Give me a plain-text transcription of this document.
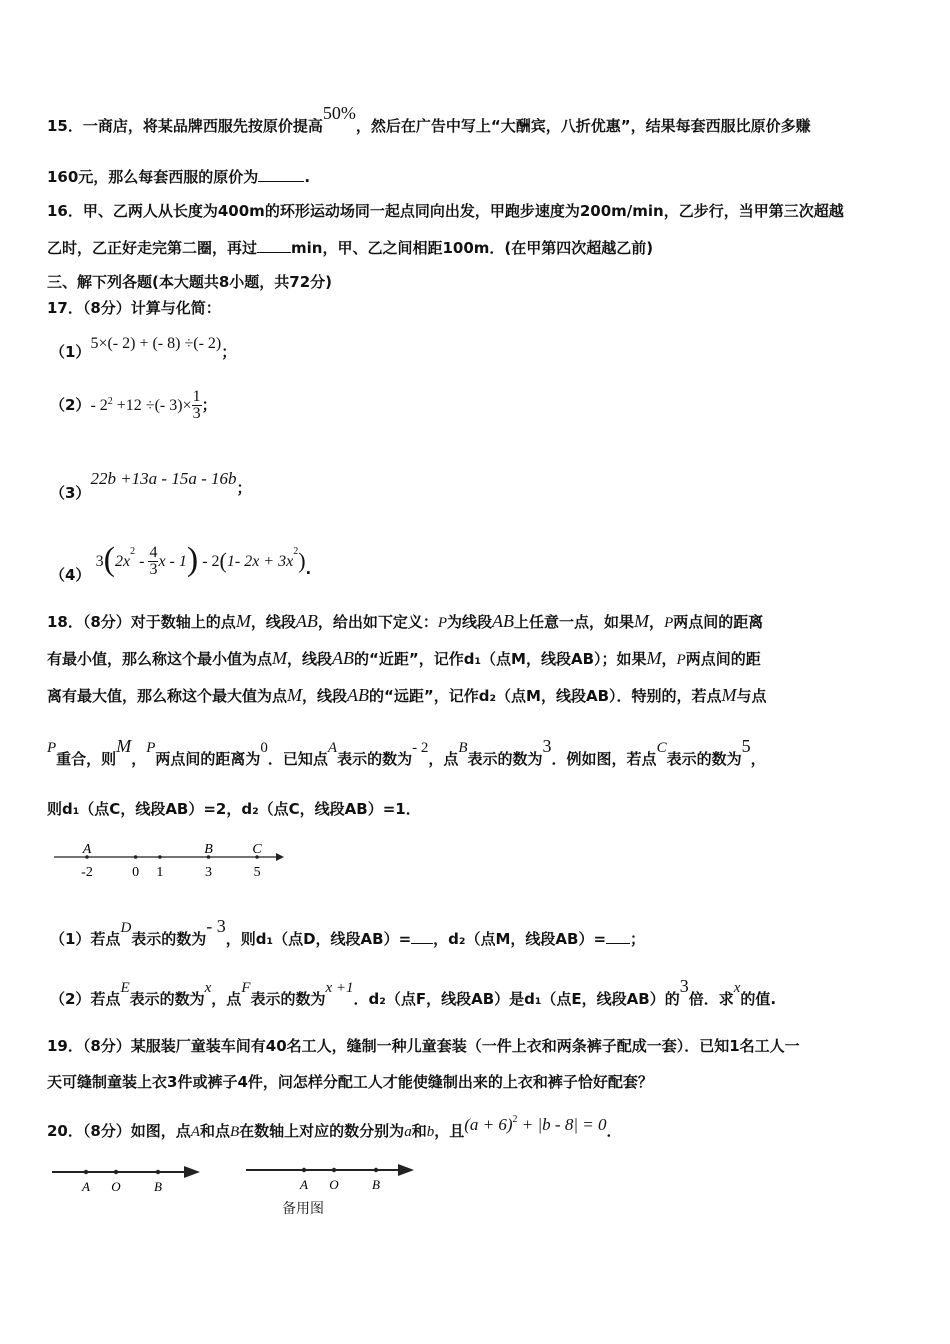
15．一商店，将某品牌西服先按原价提高50%，然后在广告中写上“大酬宾，八折优惠”，结果每套西服比原价多赚
160元，那么每套西服的原价为	.
16．甲、乙两人从长度为400m的环形运动场同一起点同向出发，甲跑步速度为200m/min，乙步行，当甲第三次超越
乙时，乙正好走完第二圈，再过 min，甲、乙之间相距100m．(在甲第四次超越乙前)
三、解下列各题(本大题共8小题，共72分)
17．（8分）计算与化简：
（1）5×(- 2) + (- 8) ÷(- 2)；
（2）- $2^2 +12$ ÷(- $3)\times \frac{1}{3}$ ；
（3）22b +13a - 15a - 16b；
（4） $3(2x^2 - \frac{4}{3}$ x - 1) - 2(1- $2x + 3x^2$).
18．（8分）对于数轴上的点M，线段AB，给出如下定义：P为线段AB上任意一点，如果M，P两点间的距离
有最小值，那么称这个最小值为点M，线段AB的“近距”，记作d₁（点M，线段AB）；如果M，P两点间的距
离有最大值，那么称这个最大值为点M，线段AB的“远距”，记作d₂（点M，线段AB）．特别的，若点M与点
P重合，则M，P两点间的距离为0．已知点A表示的数为- 2，点B表示的数为3．例如图，若点C表示的数为5，
则d₁（点C，线段AB）=2，d₂（点C，线段AB）=1．
-2	0 1	3	5
A	B	C
（1）若点D表示的数为- 3，则d₁（点D，线段AB）= ，d₂（点M，线段AB）= ；
（2）若点E表示的数为x，点F表示的数为x +1．d₂（点F，线段AB）是d₁（点E，线段AB）的3倍．求x的值.
19．（8分）某服装厂童装车间有40名工人，缝制一种儿童套装（一件上衣和两条裤子配成一套）．已知1名工人一
天可缝制童装上衣3件或裤子4件，问怎样分配工人才能使缝制出来的上衣和裤子恰好配套？
20．（8分）如图，点A和点B在数轴上对应的数分别为a和b，且$(a + 6)^2 + |b - 8| = 0$．
A O	B	A O	B
备用图
